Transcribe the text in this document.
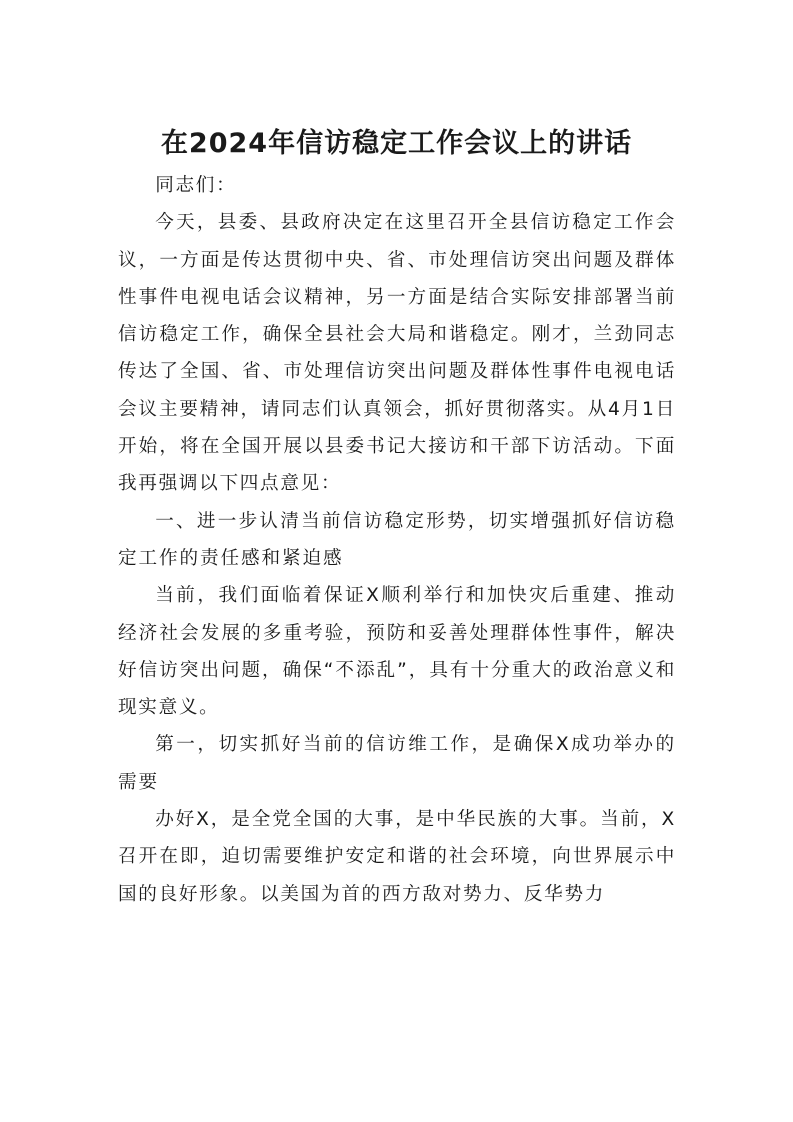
在2024年信访稳定工作会议上的讲话

同志们：

今天，县委、县政府决定在这里召开全县信访稳定工作会议，一方面是传达贯彻中央、省、市处理信访突出问题及群体性事件电视电话会议精神，另一方面是结合实际安排部署当前信访稳定工作，确保全县社会大局和谐稳定。刚才，兰劲同志传达了全国、省、市处理信访突出问题及群体性事件电视电话会议主要精神，请同志们认真领会，抓好贯彻落实。从4月1日开始，将在全国开展以县委书记大接访和干部下访活动。下面我再强调以下四点意见：

一、进一步认清当前信访稳定形势，切实增强抓好信访稳定工作的责任感和紧迫感

当前，我们面临着保证X顺利举行和加快灾后重建、推动经济社会发展的多重考验，预防和妥善处理群体性事件，解决好信访突出问题，确保“不添乱”，具有十分重大的政治意义和现实意义。

第一，切实抓好当前的信访维工作，是确保X成功举办的需要

办好X，是全党全国的大事，是中华民族的大事。当前，X召开在即，迫切需要维护安定和谐的社会环境，向世界展示中国的良好形象。以美国为首的西方敌对势力、反华势力
